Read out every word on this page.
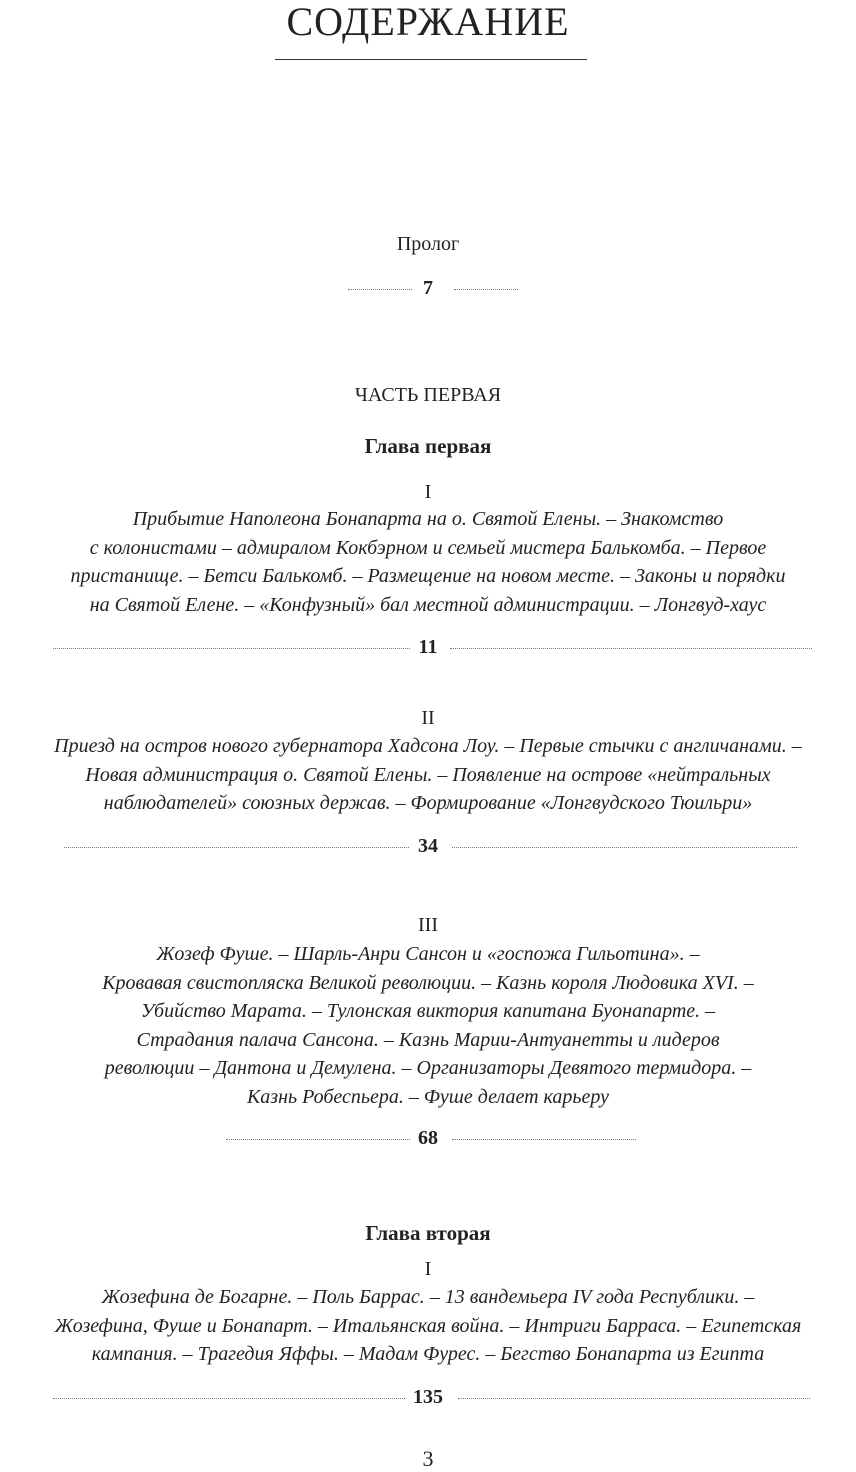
СОДЕРЖАНИЕ
Пролог
7
ЧАСТЬ ПЕРВАЯ
Глава первая
I
Прибытие Наполеона Бонапарта на о. Святой Елены. – Знакомство
с колонистами – адмиралом Кокбэрном и семьей мистера Балькомба. – Первое
пристанище. – Бетси Балькомб. – Размещение на новом месте. – Законы и порядки
на Святой Елене. – «Конфузный» бал местной администрации. – Лонгвуд-хаус
11
II
Приезд на остров нового губернатора Хадсона Лоу. – Первые стычки с англичанами. –
Новая администрация о. Святой Елены. – Появление на острове «нейтральных
наблюдателей» союзных держав. – Формирование «Лонгвудского Тюильри»
34
III
Жозеф Фуше. – Шарль-Анри Сансон и «госпожа Гильотина». –
Кровавая свистопляска Великой революции. – Казнь короля Людовика XVI. –
Убийство Марата. – Тулонская виктория капитана Буонапарте. –
Страдания палача Сансона. – Казнь Марии-Антуанетты и лидеров
революции – Дантона и Демулена. – Организаторы Девятого термидора. –
Казнь Робеспьера. – Фуше делает карьеру
68
Глава вторая
I
Жозефина де Богарне. – Поль Баррас. – 13 вандемьера IV года Республики. –
Жозефина, Фуше и Бонапарт. – Итальянская война. – Интриги Барраса. – Египетская
кампания. – Трагедия Яффы. – Мадам Фурес. – Бегство Бонапарта из Египта
135
3
